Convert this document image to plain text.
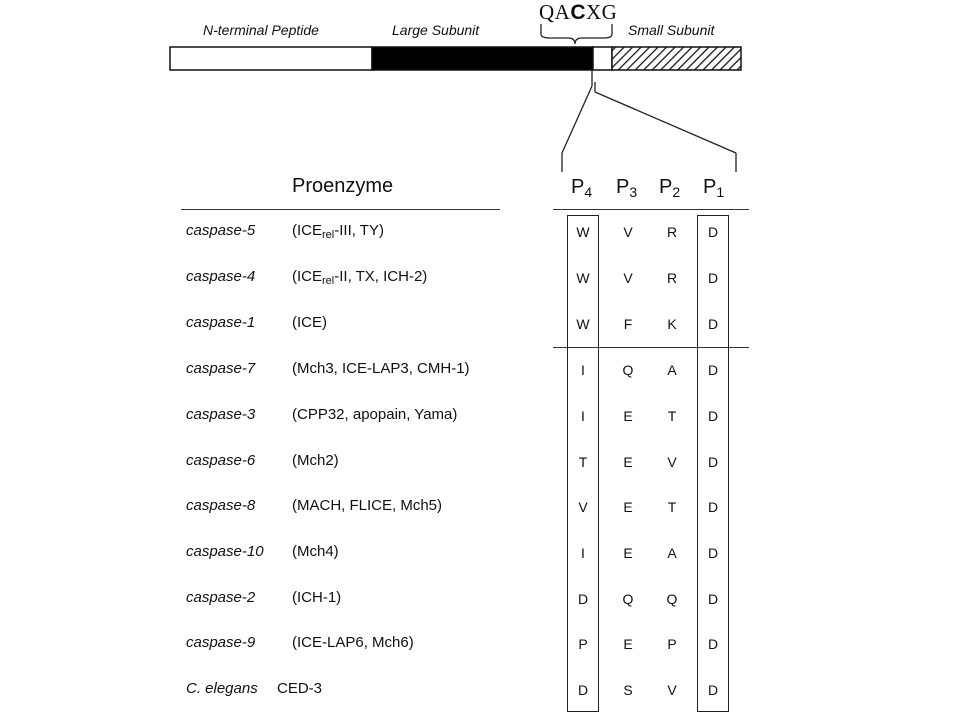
N-terminal Peptide	Large Subunit	Small Subunit
QACXG
Proenzyme	$P_4$ $P_3$ $P_2$ $P_1$
caspase-5 ($ICE_{rel}$-III, TY)	W	V	R	D
caspase-4 ($ICE_{rel}-II$, TX, ICH-2)	W	V	R	D
caspase-1 (ICE)	W	F	K	D
caspase-7 (Mch3, ICE-LAP3, CMH-1)	I	Q	A	D
caspase-3 (CPP32, apopain, Yama)	I	E	T	D
caspase-6 (Mch2)	T	E	V	D
caspase-8 (MACH, FLICE, Mch5)	V	E	T	D
caspase-10 (Mch4)	I	E	A	D
caspase-2 (ICH-1)	D	Q	Q	D
caspase-9 (ICE-LAP6, Mch6)	P	E	P	D
C. elegans CED-3	D	S	V	D
